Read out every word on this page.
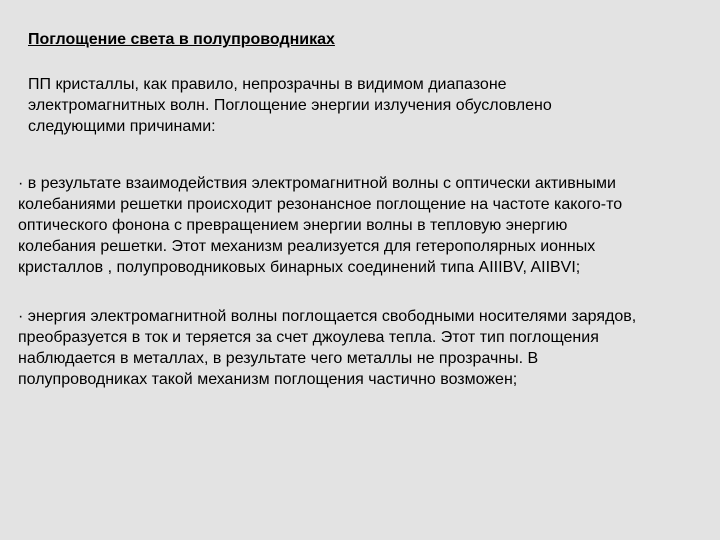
Поглощение света в полупроводниках
ПП кристаллы, как правило, непрозрачны в видимом диапазоне
электромагнитных волн. Поглощение энергии излучения обусловлено
следующими причинами:
· в результате взаимодействия электромагнитной волны с оптически активными
колебаниями решетки происходит резонансное поглощение на частоте какого-то
оптического фонона с превращением энергии волны в тепловую энергию
колебания решетки. Этот механизм реализуется для гетерополярных ионных
кристаллов , полупроводниковых бинарных соединений типа AIIIBV, AIIBVI;
· энергия электромагнитной волны поглощается свободными носителями зарядов,
преобразуется в ток и теряется за счет джоулева тепла. Этот тип поглощения
наблюдается в металлах, в результате чего металлы не прозрачны. В
полупроводниках такой механизм поглощения частично возможен;
